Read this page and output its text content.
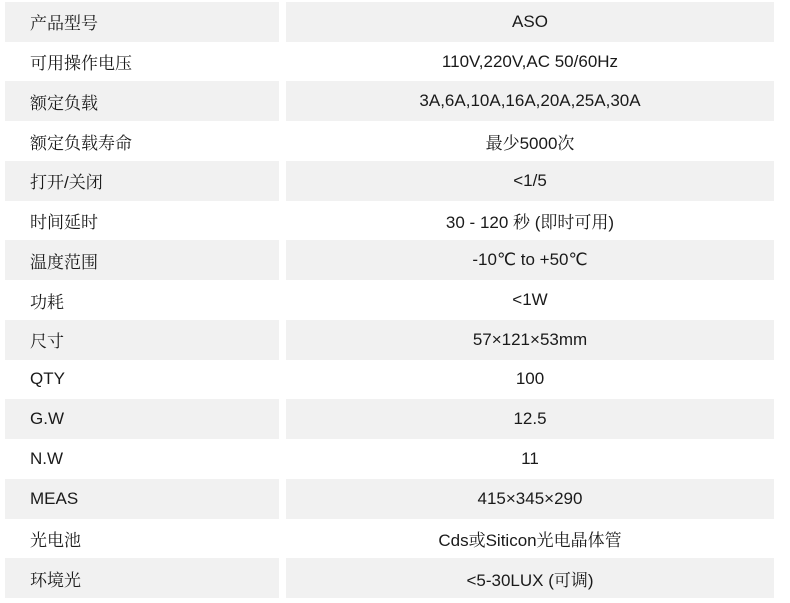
产品型号	ASO
可用操作电压	110V,220V,AC 50/60Hz
额定负载	3A,6A,10A,16A,20A,25A,30A
额定负载寿命	最少5000次
打开/关闭	<1/5
时间延时	30 - 120 秒 (即时可用)
温度范围	-10℃ to +50℃
功耗	<1W
尺寸	57×121×53mm
QTY	100
G.W	12.5
N.W	11
MEAS	415×345×290
光电池	Cds或Siticon光电晶体管
环境光	<5-30LUX (可调)
